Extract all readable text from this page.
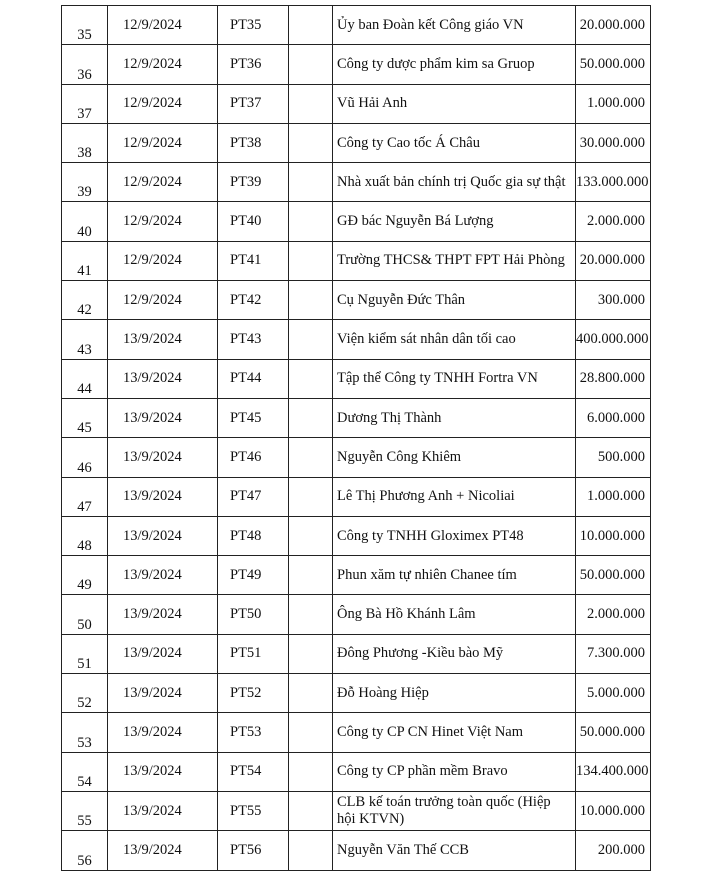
35	12/9/2024	PT35		Ủy ban Đoàn kết Công giáo VN	20.000.000
36	12/9/2024	PT36		Công ty dược phẩm kim sa Gruop	50.000.000
37	12/9/2024	PT37		Vũ Hải Anh	1.000.000
38	12/9/2024	PT38		Công ty Cao tốc Á Châu	30.000.000
39	12/9/2024	PT39		Nhà xuất bản chính trị Quốc gia sự thật	133.000.000
40	12/9/2024	PT40		GĐ bác Nguyễn Bá Lượng	2.000.000
41	12/9/2024	PT41		Trường THCS& THPT FPT Hải Phòng	20.000.000
42	12/9/2024	PT42		Cụ Nguyễn Đức Thân	300.000
43	13/9/2024	PT43		Viện kiểm sát nhân dân tối cao	400.000.000
44	13/9/2024	PT44		Tập thể Công ty TNHH Fortra VN	28.800.000
45	13/9/2024	PT45		Dương Thị Thành	6.000.000
46	13/9/2024	PT46		Nguyễn Công Khiêm	500.000
47	13/9/2024	PT47		Lê Thị Phương Anh + Nicoliai	1.000.000
48	13/9/2024	PT48		Công ty TNHH Gloximex PT48	10.000.000
49	13/9/2024	PT49		Phun xăm tự nhiên Chanee tím	50.000.000
50	13/9/2024	PT50		Ông Bà Hồ Khánh Lâm	2.000.000
51	13/9/2024	PT51		Đông Phương -Kiều bào Mỹ	7.300.000
52	13/9/2024	PT52		Đỗ Hoàng Hiệp	5.000.000
53	13/9/2024	PT53		Công ty CP CN Hinet Việt Nam	50.000.000
54	13/9/2024	PT54		Công ty CP phần mềm Bravo	134.400.000
55	13/9/2024	PT55		CLB kế toán trưởng toàn quốc (Hiệp hội KTVN)	10.000.000
56	13/9/2024	PT56		Nguyễn Văn Thế CCB	200.000
